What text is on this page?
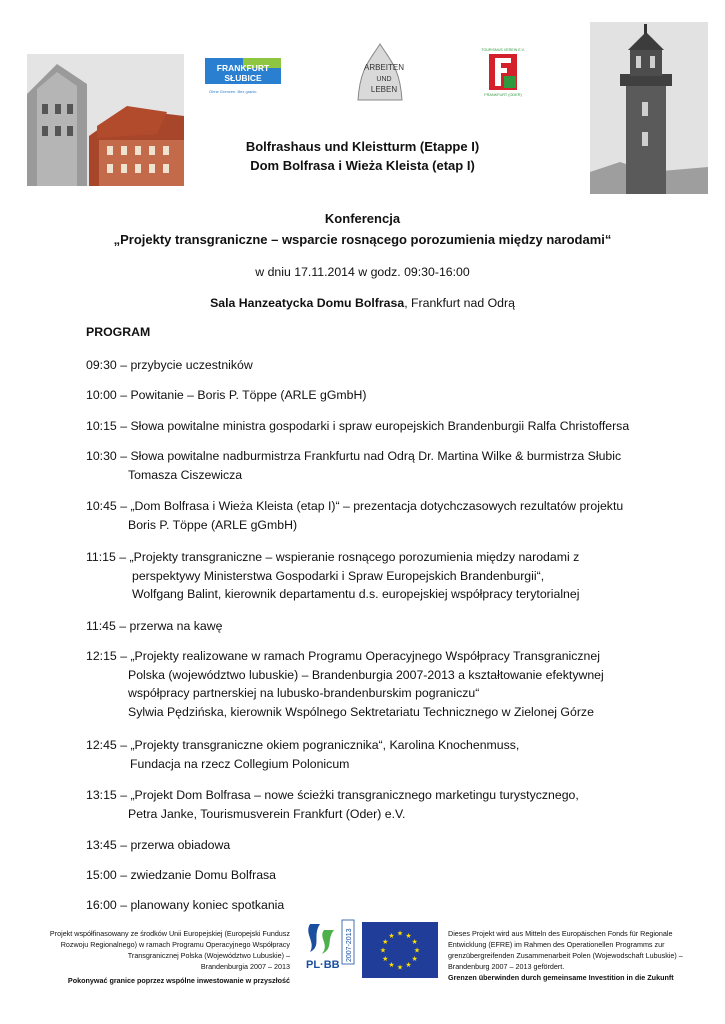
FRANKFURT
SŁUBICE
Ohne Grenzen. Bez granic.
ARBEITEN
UND
LEBEN
TOURISMUS VEREIN E.V.
FRANKFURT (ODER)
Bolfrashaus und Kleistturm (Etappe I)
Dom Bolfrasa i Wieża Kleista (etap I)
Konferencja
„Projekty transgraniczne – wsparcie rosnącego porozumienia między narodami“
w dniu 17.11.2014 w godz. 09:30-16:00
Sala Hanzeatycka Domu Bolfrasa, Frankfurt nad Odrą
PROGRAM
09:30 – przybycie uczestników
10:00 – Powitanie – Boris P. Töppe (ARLE gGmbH)
10:15 – Słowa powitalne ministra gospodarki i spraw europejskich Brandenburgii Ralfa Christoffersa
10:30 – Słowa powitalne nadburmistrza Frankfurtu nad Odrą Dr. Martina Wilke & burmistrza Słubic
Tomasza Ciszewicza
10:45 – „Dom Bolfrasa i Wieża Kleista (etap I)“ – prezentacja dotychczasowych rezultatów projektu
Boris P. Töppe (ARLE gGmbH)
11:15 – „Projekty transgraniczne – wspieranie rosnącego porozumienia między narodami z
perspektywy Ministerstwa Gospodarki i Spraw Europejskich Brandenburgii“,
Wolfgang Balint, kierownik departamentu d.s. europejskiej współpracy terytorialnej
11:45 – przerwa na kawę
12:15 – „Projekty realizowane w ramach Programu Operacyjnego Współpracy Transgranicznej
Polska (województwo lubuskie) – Brandenburgia 2007-2013 a kształtowanie efektywnej
współpracy partnerskiej na lubusko-brandenburskim pograniczu“
Sylwia Pędzińska, kierownik Wspólnego Sektretariatu Technicznego w Zielonej Górze
12:45 – „Projekty transgraniczne okiem pogranicznika“, Karolina Knochenmuss,
Fundacja na rzecz Collegium Polonicum
13:15 – „Projekt Dom Bolfrasa – nowe ścieżki transgranicznego marketingu turystycznego,
Petra Janke, Tourismusverein Frankfurt (Oder) e.V.
13:45 – przerwa obiadowa
15:00 – zwiedzanie Domu Bolfrasa
16:00 – planowany koniec spotkania
Projekt współfinasowany ze środków Unii Europejskiej (Europejski Fundusz
Rozwoju Regionalnego) w ramach Programu Operacyjnego Współpracy
Transgranicznej Polska (Województwo Lubuskie) –
Brandenburgia 2007 – 2013
Pokonywać granice poprzez wspólne inwestowanie w przyszłość
PL·BB
2007-2013	★ ★
★
★
★
★
★
★
★
★
★
★	Dieses Projekt wird aus Mitteln des Europäischen Fonds für Regionale
Entwicklung (EFRE) im Rahmen des Operationellen Programms zur
grenzübergreifenden Zusammenarbeit Polen (Wojewodschaft Lubuskie) –
Brandenburg 2007 – 2013 gefördert.
Grenzen überwinden durch gemeinsame Investition in die Zukunft
